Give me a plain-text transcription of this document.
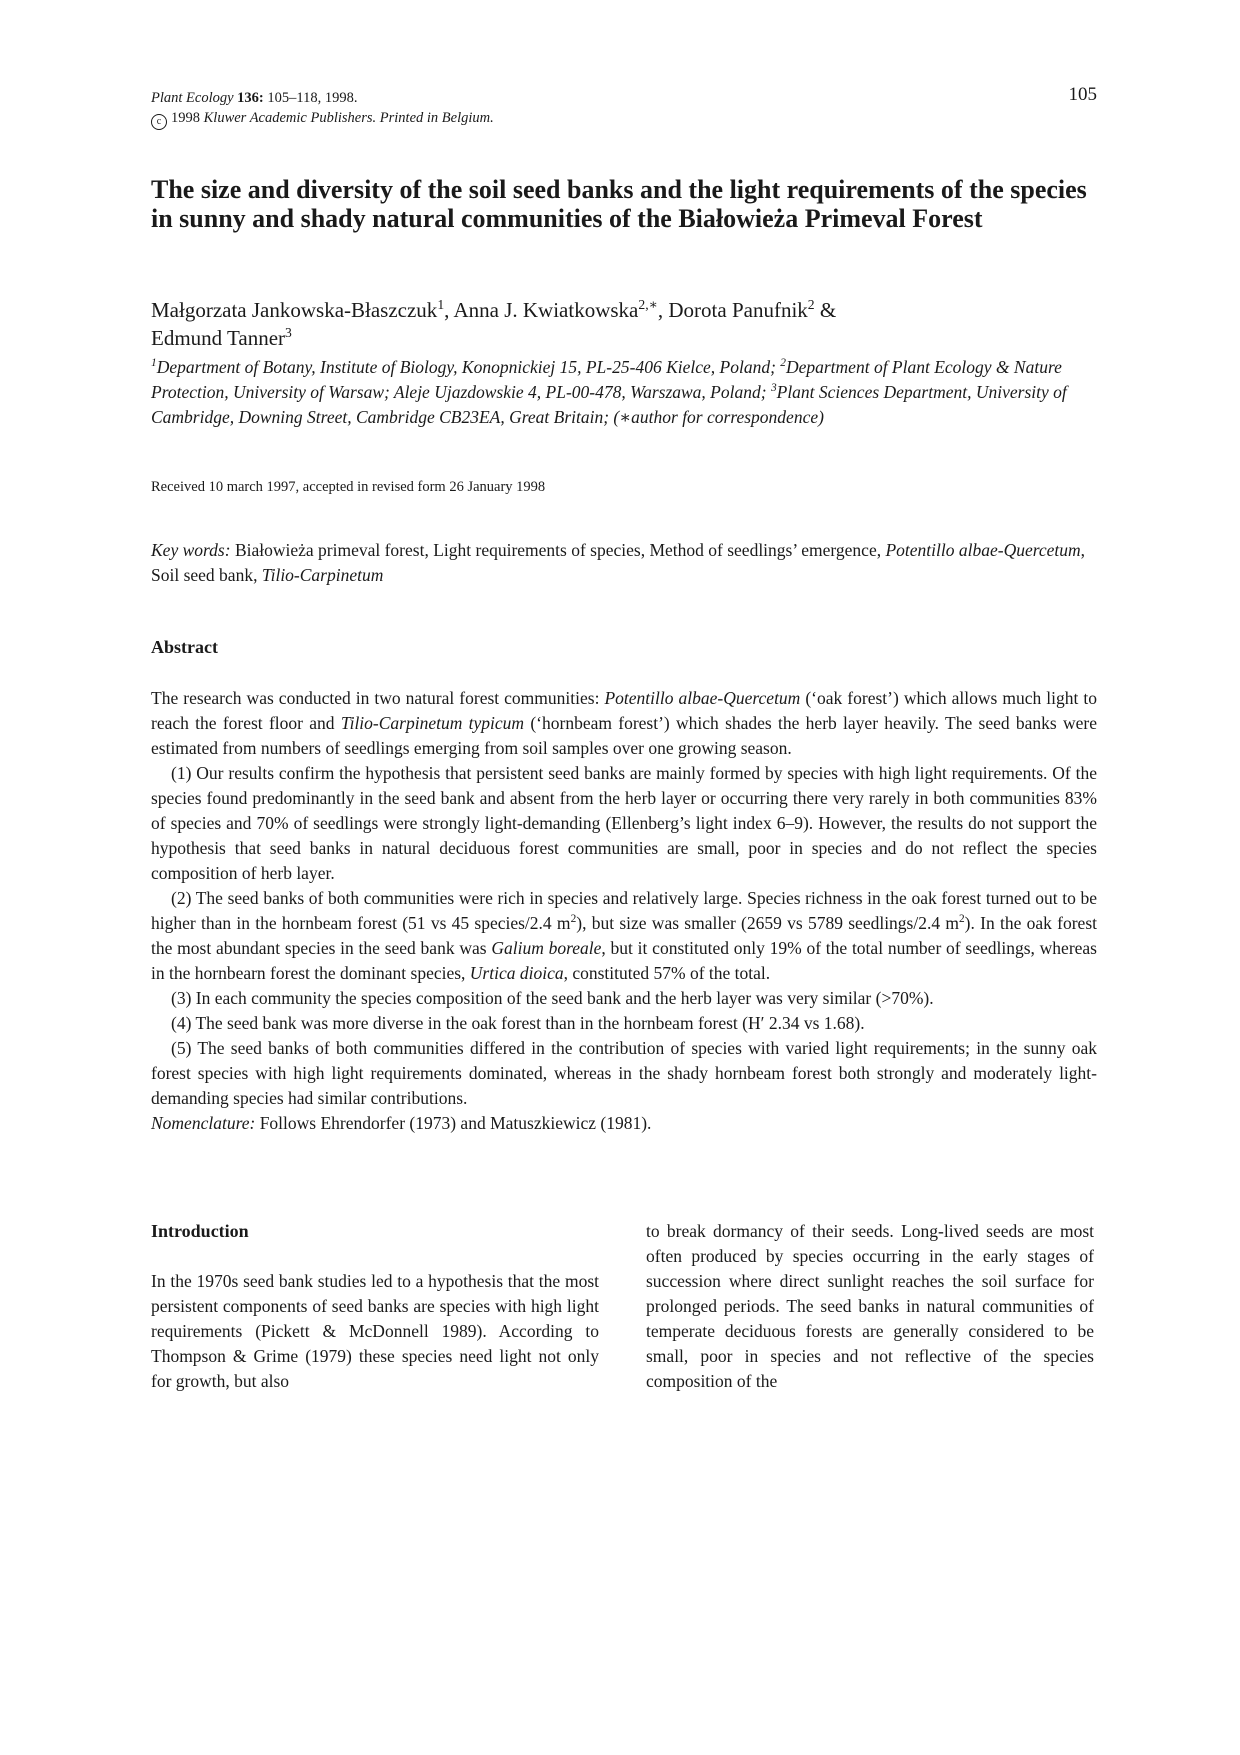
Plant Ecology 136: 105–118, 1998.
c 1998 Kluwer Academic Publishers. Printed in Belgium.
105
The size and diversity of the soil seed banks and the light requirements of the species in sunny and shady natural communities of the Białowieża Primeval Forest
Małgorzata Jankowska-Błaszczuk$^1$, Anna J. Kwiatkowska$^{2,∗}$, Dorota Panufnik$^2$ &
Edmund Tanner$^3$
$^1$Department of Botany, Institute of Biology, Konopnickiej 15, PL-25-406 Kielce, Poland; $^2$Department of Plant Ecology & Nature Protection, University of Warsaw; Aleje Ujazdowskie 4, PL-00-478, Warszawa, Poland; $^3$Plant Sciences Department, University of Cambridge, Downing Street, Cambridge CB23EA, Great Britain; (∗author for correspondence)
Received 10 march 1997, accepted in revised form 26 January 1998
Key words: Białowieża primeval forest, Light requirements of species, Method of seedlings’ emergence, Potentillo albae-Quercetum, Soil seed bank, Tilio-Carpinetum
Abstract

The research was conducted in two natural forest communities: Potentillo albae-Quercetum (‘oak forest’) which allows much light to reach the forest floor and Tilio-Carpinetum typicum (‘hornbeam forest’) which shades the herb layer heavily. The seed banks were estimated from numbers of seedlings emerging from soil samples over one growing season.

(1) Our results confirm the hypothesis that persistent seed banks are mainly formed by species with high light requirements. Of the species found predominantly in the seed bank and absent from the herb layer or occurring there very rarely in both communities 83% of species and 70% of seedlings were strongly light-demanding (Ellenberg’s light index 6–9). However, the results do not support the hypothesis that seed banks in natural deciduous forest communities are small, poor in species and do not reflect the species composition of herb layer.

(2) The seed banks of both communities were rich in species and relatively large. Species richness in the oak forest turned out to be higher than in the hornbeam forest (51 vs 45 species/2.4 $m^2$), but size was smaller (2659 vs 5789 seedlings/2.4 $m^2$). In the oak forest the most abundant species in the seed bank was Galium boreale, but it constituted only 19% of the total number of seedlings, whereas in the hornbearn forest the dominant species, Urtica dioica, constituted 57% of the total.

(3) In each community the species composition of the seed bank and the herb layer was very similar (>70%).

(4) The seed bank was more diverse in the oak forest than in the hornbeam forest (H′ 2.34 vs 1.68).

(5) The seed banks of both communities differed in the contribution of species with varied light requirements; in the sunny oak forest species with high light requirements dominated, whereas in the shady hornbeam forest both strongly and moderately light-demanding species had similar contributions.

Nomenclature: Follows Ehrendorfer (1973) and Matuszkiewicz (1981).

Introduction

In the 1970s seed bank studies led to a hypothesis that the most persistent components of seed banks are species with high light requirements (Pickett & McDonnell 1989). According to Thompson & Grime (1979) these species need light not only for growth, but also

to break dormancy of their seeds. Long-lived seeds are most often produced by species occurring in the early stages of succession where direct sunlight reaches the soil surface for prolonged periods. The seed banks in natural communities of temperate deciduous forests are generally considered to be small, poor in species and not reflective of the species composition of the
